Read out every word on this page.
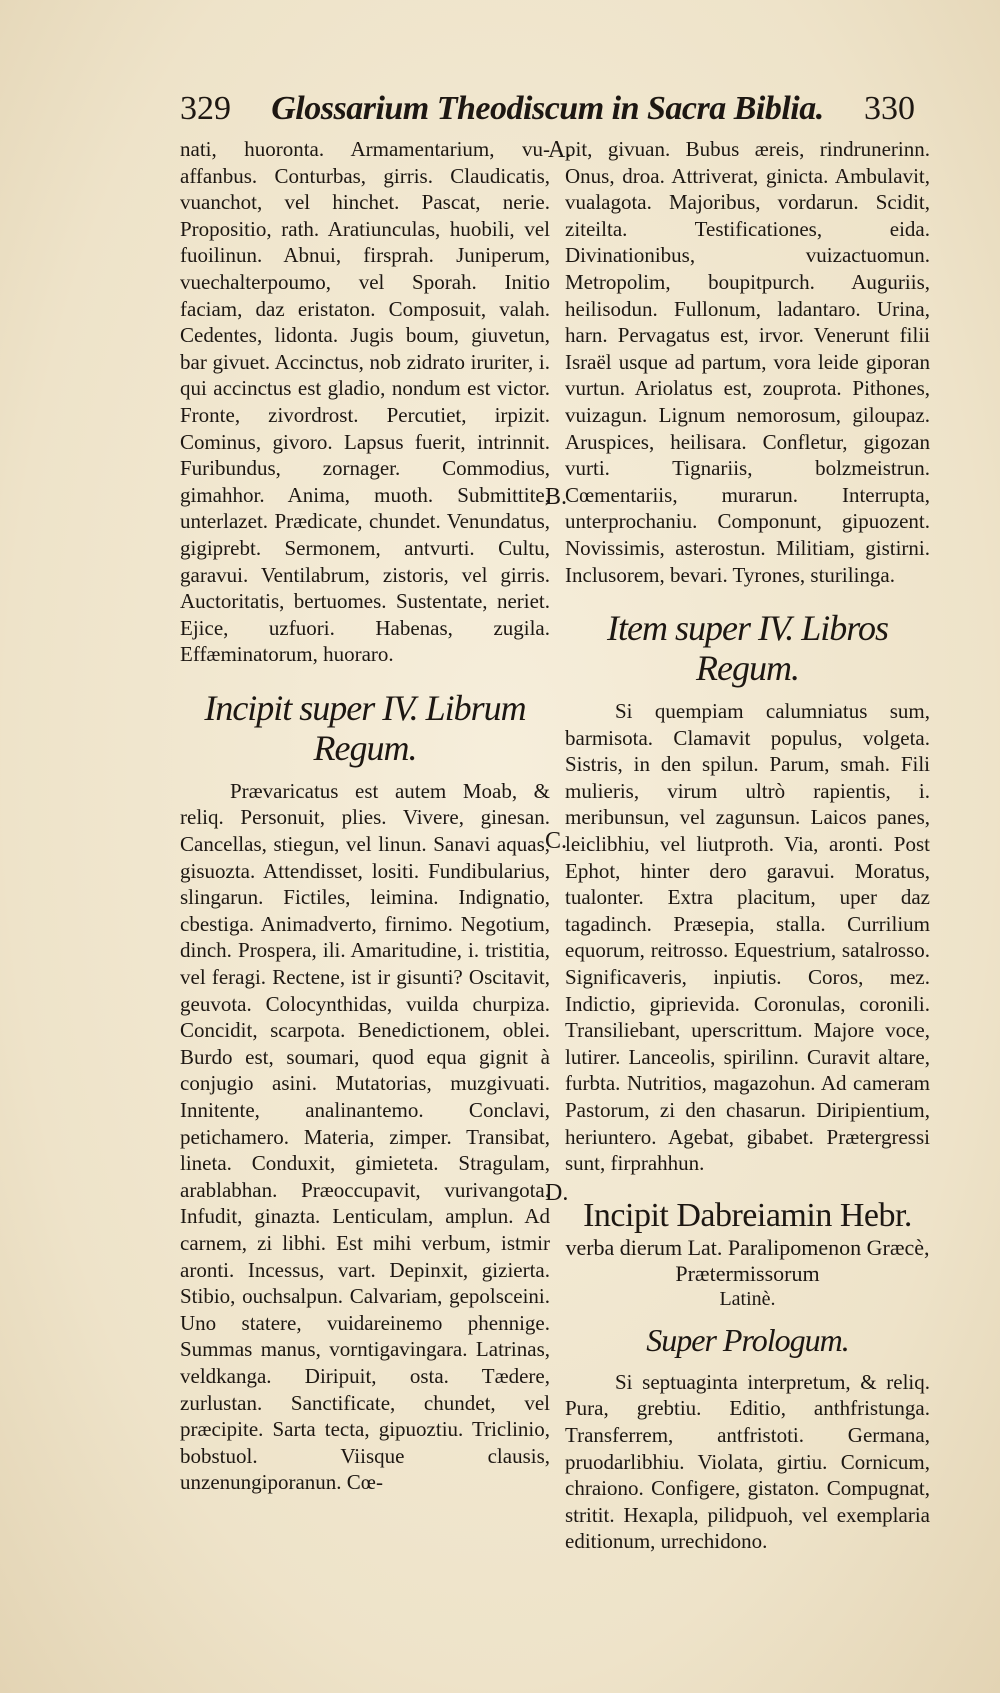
329	Glossarium Theodiscum in Sacra Biblia.	330
A.
B.
C.
D.

nati, huoronta. Armamentarium, vu-affanbus. Conturbas, girris. Claudicatis, vuanchot, vel hinchet. Pascat, nerie. Propositio, rath. Aratiunculas, huobili, vel fuoilinun. Abnui, firsprah. Juniperum, vuechalterpoumo, vel Sporah. Initio faciam, daz eristaton. Composuit, valah. Cedentes, lidonta. Jugis boum, giuvetun, bar givuet. Accinctus, nob zidrato iruriter, i. qui accinctus est gladio, nondum est victor. Fronte, zivordrost. Percutiet, irpizit. Cominus, givoro. Lapsus fuerit, intrinnit. Furibundus, zornager. Commodius, gimahhor. Anima, muoth. Submittite, unterlazet. Prædicate, chundet. Venundatus, gigiprebt. Sermonem, antvurti. Cultu, garavui. Ventilabrum, zistoris, vel girris. Auctoritatis, bertuomes. Sustentate, neriet. Ejice, uzfuori. Habenas, zugila. Effæminatorum, huoraro.

Incipit super IV. Librum Regum.

Prævaricatus est autem Moab, & reliq. Personuit, plies. Vivere, ginesan. Cancellas, stiegun, vel linun. Sanavi aquas, gisuozta. Attendisset, lositi. Fundibularius, slingarun. Fictiles, leimina. Indignatio, cbestiga. Animadverto, firnimo. Negotium, dinch. Prospera, ili. Amaritudine, i. tristitia, vel feragi. Rectene, ist ir gisunti? Oscitavit, geuvota. Colocynthidas, vuilda churpiza. Concidit, scarpota. Benedictionem, oblei. Burdo est, soumari, quod equa gignit à conjugio asini. Mutatorias, muzgivuati. Innitente, analinantemo. Conclavi, petichamero. Materia, zimper. Transibat, lineta. Conduxit, gimieteta. Stragulam, arablabhan. Præoccupavit, vurivangota. Infudit, ginazta. Lenticulam, amplun. Ad carnem, zi libhi. Est mihi verbum, istmir aronti. Incessus, vart. Depinxit, gizierta. Stibio, ouchsalpun. Calvariam, gepolsceini. Uno statere, vuidareinemo phennige. Summas manus, vorntigavingara. Latrinas, veldkanga. Diripuit, osta. Tædere, zurlustan. Sanctificate, chundet, vel præcipite. Sarta tecta, gipuoztiu. Triclinio, bobstuol. Viisque clausis, unzenungiporanun. Cœ-

pit, givuan. Bubus æreis, rindrunerinn. Onus, droa. Attriverat, ginicta. Ambulavit, vualagota. Majoribus, vordarun. Scidit, ziteilta. Testificationes, eida. Divinationibus, vuizactuomun. Metropolim, boupitpurch. Auguriis, heilisodun. Fullonum, ladantaro. Urina, harn. Pervagatus est, irvor. Venerunt filii Israël usque ad partum, vora leide giporan vurtun. Ariolatus est, zouprota. Pithones, vuizagun. Lignum nemorosum, giloupaz. Aruspices, heilisara. Confletur, gigozan vurti. Tignariis, bolzmeistrun. Cœmentariis, murarun. Interrupta, unterprochaniu. Componunt, gipuozent. Novissimis, asterostun. Militiam, gistirni. Inclusorem, bevari. Tyrones, sturilinga.

Item super IV. Libros Regum.

Si quempiam calumniatus sum, barmisota. Clamavit populus, volgeta. Sistris, in den spilun. Parum, smah. Fili mulieris, virum ultrò rapientis, i. meribunsun, vel zagunsun. Laicos panes, leiclibhiu, vel liutproth. Via, aronti. Post Ephot, hinter dero garavui. Moratus, tualonter. Extra placitum, uper daz tagadinch. Præsepia, stalla. Currilium equorum, reitrosso. Equestrium, satalrosso. Significaveris, inpiutis. Coros, mez. Indictio, giprievida. Coronulas, coronili. Transiliebant, uperscrittum. Majore voce, lutirer. Lanceolis, spirilinn. Curavit altare, furbta. Nutritios, magazohun. Ad cameram Pastorum, zi den chasarun. Diripientium, heriuntero. Agebat, gibabet. Prætergressi sunt, firprahhun.

Incipit Dabreiamin Hebr.

verba dierum Lat. Paralipomenon Græcè, Prætermissorum

Latinè.

Super Prologum.

Si septuaginta interpretum, & reliq. Pura, grebtiu. Editio, anthfristunga. Transferrem, antfristoti. Germana, pruodarlibhiu. Violata, girtiu. Cornicum, chraiono. Configere, gistaton. Compugnat, stritit. Hexapla, pilidpuoh, vel exemplaria editionum, urrechidono.
